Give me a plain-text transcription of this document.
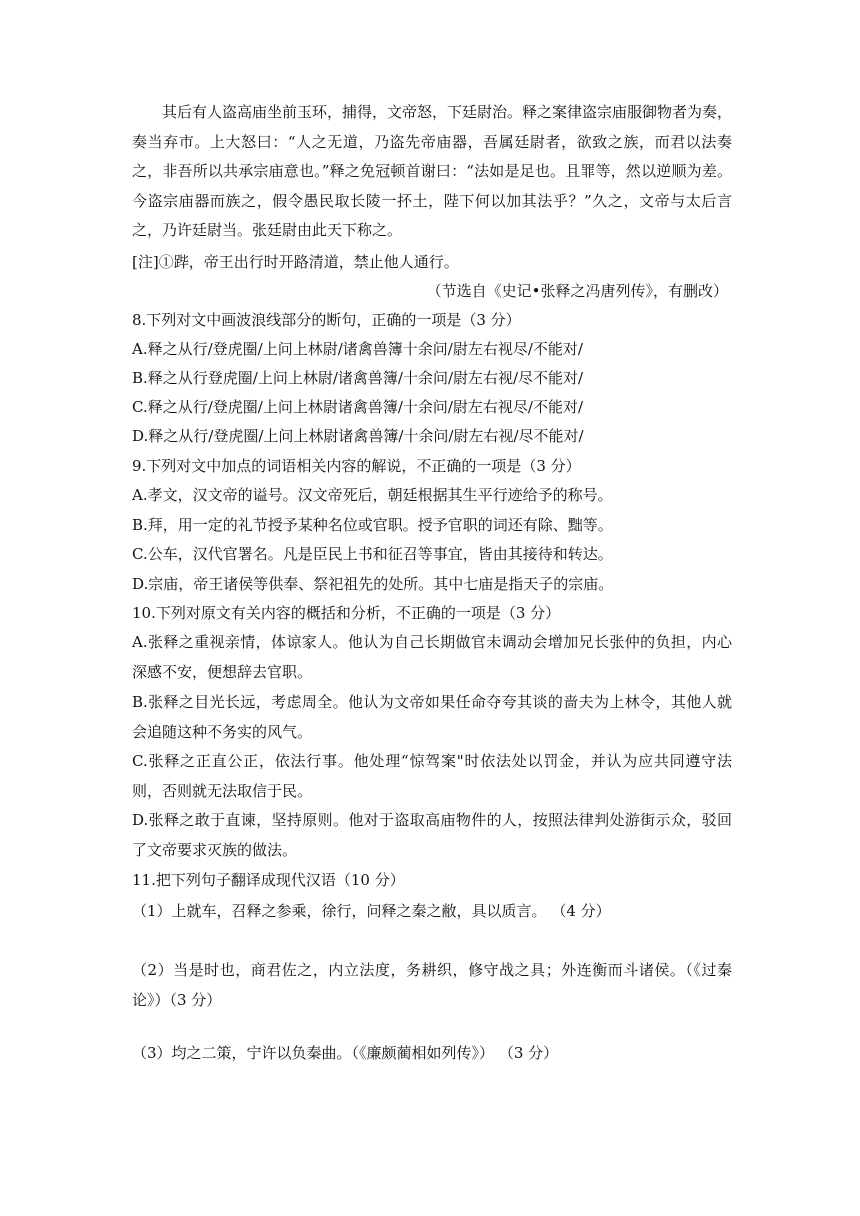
其后有人盗高庙坐前玉环，捕得，文帝怒，下廷尉治。释之案律盗宗庙服御物者为奏，奏当弃市。上大怒曰：“人之无道，乃盗先帝庙器，吾属廷尉者，欲致之族，而君以法奏之，非吾所以共承宗庙意也。”释之免冠顿首谢曰：“法如是足也。且罪等，然以逆顺为差。今盗宗庙器而族之，假令愚民取长陵一抔土，陛下何以加其法乎？”久之，文帝与太后言之，乃许廷尉当。张廷尉由此天下称之。
[注]①跸，帝王出行时开路清道，禁止他人通行。
（节选自《史记•张释之冯唐列传》，有删改）
8.下列对文中画波浪线部分的断句，正确的一项是（3 分）
A.释之从行/登虎圈/上问上林尉/诸禽兽簿十余问/尉左右视尽/不能对/
B.释之从行登虎圈/上问上林尉/诸禽兽簿/十余问/尉左右视/尽不能对/
C.释之从行/登虎圈/上问上林尉诸禽兽簿/十余问/尉左右视尽/不能对/
D.释之从行/登虎圈/上问上林尉诸禽兽簿/十余问/尉左右视/尽不能对/
9.下列对文中加点的词语相关内容的解说，不正确的一项是（3 分）
A.孝文，汉文帝的谥号。汉文帝死后，朝廷根据其生平行迹给予的称号。
B.拜，用一定的礼节授予某种名位或官职。授予官职的词还有除、黜等。
C.公车，汉代官署名。凡是臣民上书和征召等事宜，皆由其接待和转达。
D.宗庙，帝王诸侯等供奉、祭祀祖先的处所。其中七庙是指天子的宗庙。
10.下列对原文有关内容的概括和分析，不正确的一项是（3 分）
A.张释之重视亲情，体谅家人。他认为自己长期做官未调动会增加兄长张仲的负担，内心深感不安，便想辞去官职。
B.张释之目光长远，考虑周全。他认为文帝如果任命夺夸其谈的啬夫为上林令，其他人就会追随这种不务实的风气。
C.张释之正直公正，依法行事。他处理“惊驾案"时依法处以罚金，并认为应共同遵守法则，否则就无法取信于民。
D.张释之敢于直谏，坚持原则。他对于盗取高庙物件的人，按照法律判处游街示众，驳回了文帝要求灭族的做法。
11.把下列句子翻译成现代汉语（10 分）
（1）上就车，召释之参乘，徐行，问释之秦之敝，具以质言。 （4 分）
（2）当是时也，商君佐之，内立法度，务耕织，修守战之具；外连衡而斗诸侯。（《过秦论》）（3 分）
（3）均之二策，宁许以负秦曲。（《廉颇蔺相如列传》） （3 分）
